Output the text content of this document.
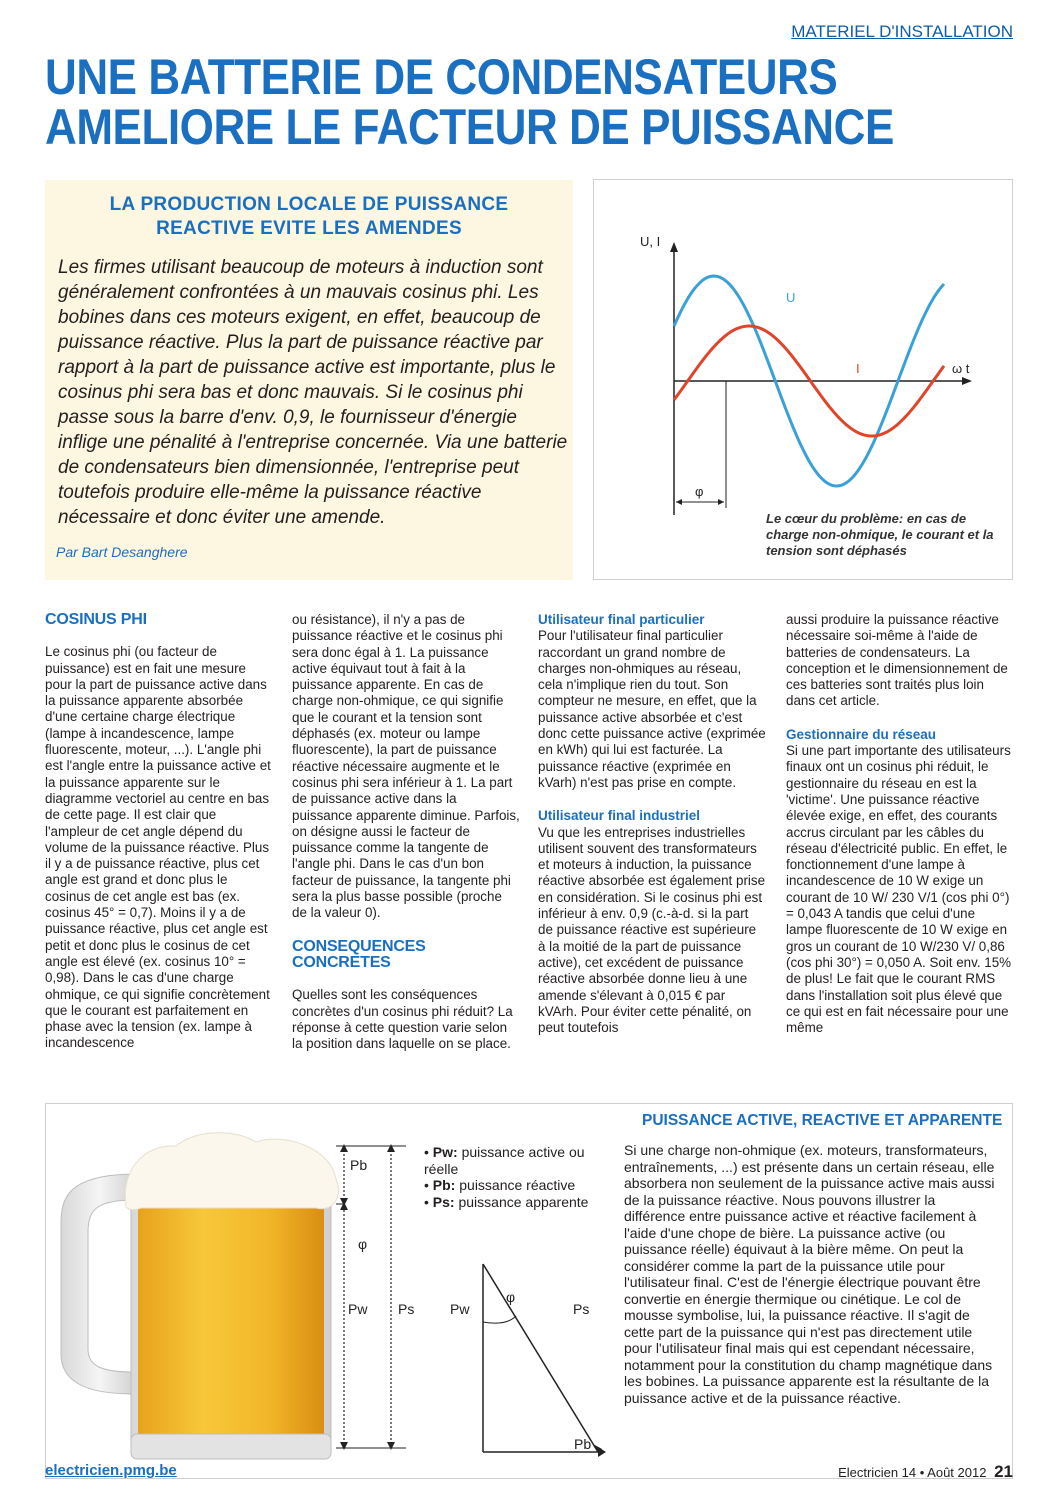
MATERIEL D'INSTALLATION
UNE BATTERIE DE CONDENSATEURS
AMELIORE LE FACTEUR DE PUISSANCE
LA PRODUCTION LOCALE DE PUISSANCE
REACTIVE EVITE LES AMENDES
Les firmes utilisant beaucoup de moteurs à induction sont généralement confrontées à un mauvais cosinus phi. Les bobines dans ces moteurs exigent, en effet, beaucoup de puissance réactive. Plus la part de puissance réactive par rapport à la part de puissance active est importante, plus le cosinus phi sera bas et donc mauvais. Si le cosinus phi passe sous la barre d'env. 0,9, le fournisseur d'énergie inflige une pénalité à l'entreprise concernée. Via une batterie de condensateurs bien dimensionnée, l'entreprise peut toutefois produire elle-même la puissance réactive nécessaire et donc éviter une amende.
Par Bart Desanghere
U, I
ω t
U
I
φ
Le cœur du problème: en cas de charge non-ohmique, le courant et la tension sont déphasés
COSINUS PHI

Le cosinus phi (ou facteur de puissance) est en fait une mesure pour la part de puissance active dans la puissance apparente absorbée d'une certaine charge électrique (lampe à incandescence, lampe fluorescente, moteur, ...). L'angle phi est l'angle entre la puissance active et la puissance apparente sur le diagramme vectoriel au centre en bas de cette page. Il est clair que l'ampleur de cet angle dépend du volume de la puissance réactive. Plus il y a de puissance réactive, plus cet angle est grand et donc plus le cosinus de cet angle est bas (ex. cosinus 45° = 0,7). Moins il y a de puissance réactive, plus cet angle est petit et donc plus le cosinus de cet angle est élevé (ex. cosinus 10° = 0,98). Dans le cas d'une charge ohmique, ce qui signifie concrètement que le courant est parfaitement en phase avec la tension (ex. lampe à incandescence

ou résistance), il n'y a pas de puissance réactive et le cosinus phi sera donc égal à 1. La puissance active équivaut tout à fait à la puissance apparente. En cas de charge non-ohmique, ce qui signifie que le courant et la tension sont déphasés (ex. moteur ou lampe fluorescente), la part de puissance réactive nécessaire augmente et le cosinus phi sera inférieur à 1. La part de puissance active dans la puissance apparente diminue. Parfois, on désigne aussi le facteur de puissance comme la tangente de l'angle phi. Dans le cas d'un bon facteur de puissance, la tangente phi sera la plus basse possible (proche de la valeur 0).

CONSEQUENCES CONCRETES

Quelles sont les conséquences concrètes d'un cosinus phi réduit? La réponse à cette question varie selon la position dans laquelle on se place.

Utilisateur final particulier

Pour l'utilisateur final particulier raccordant un grand nombre de charges non-ohmiques au réseau, cela n'implique rien du tout. Son compteur ne mesure, en effet, que la puissance active absorbée et c'est donc cette puissance active (exprimée en kWh) qui lui est facturée. La puissance réactive (exprimée en kVarh) n'est pas prise en compte.

Utilisateur final industriel

Vu que les entreprises industrielles utilisent souvent des transformateurs et moteurs à induction, la puissance réactive absorbée est également prise en considération. Si le cosinus phi est inférieur à env. 0,9 (c.-à-d. si la part de puissance réactive est supérieure à la moitié de la part de puissance active), cet excédent de puissance réactive absorbée donne lieu à une amende s'élevant à 0,015 € par kVArh. Pour éviter cette pénalité, on peut toutefois

aussi produire la puissance réactive nécessaire soi-même à l'aide de batteries de condensateurs. La conception et le dimensionnement de ces batteries sont traités plus loin dans cet article.

Gestionnaire du réseau

Si une part importante des utilisateurs finaux ont un cosinus phi réduit, le gestionnaire du réseau en est la 'victime'. Une puissance réactive élevée exige, en effet, des courants accrus circulant par les câbles du réseau d'électricité public. En effet, le fonctionnement d'une lampe à incandescence de 10 W exige un courant de 10 W/ 230 V/1 (cos phi 0°) = 0,043 A tandis que celui d'une lampe fluorescente de 10 W exige en gros un courant de 10 W/230 V/ 0,86 (cos phi 30°) = 0,050 A. Soit env. 15% de plus! Le fait que le courant RMS dans l'installation soit plus élevé que ce qui est en fait nécessaire pour une même

Pb
φ
Pw Ps	Pw
φ
Ps
Pb
• Pw: puissance active ou réelle
• Pb: puissance réactive
• Ps: puissance apparente
PUISSANCE ACTIVE, REACTIVE ET APPARENTE
Si une charge non-ohmique (ex. moteurs, transformateurs, entraînements, ...) est présente dans un certain réseau, elle absorbera non seulement de la puissance active mais aussi de la puissance réactive. Nous pouvons illustrer la différence entre puissance active et réactive facilement à l'aide d'une chope de bière. La puissance active (ou puissance réelle) équivaut à la bière même. On peut la considérer comme la part de la puissance utile pour l'utilisateur final. C'est de l'énergie électrique pouvant être convertie en énergie thermique ou cinétique. Le col de mousse symbolise, lui, la puissance réactive. Il s'agit de cette part de la puissance qui n'est pas directement utile pour l'utilisateur final mais qui est cependant nécessaire, notamment pour la constitution du champ magnétique dans les bobines. La puissance apparente est la résultante de la puissance active et de la puissance réactive.
electricien.pmg.be	Electricien 14 • Août 2012 21
